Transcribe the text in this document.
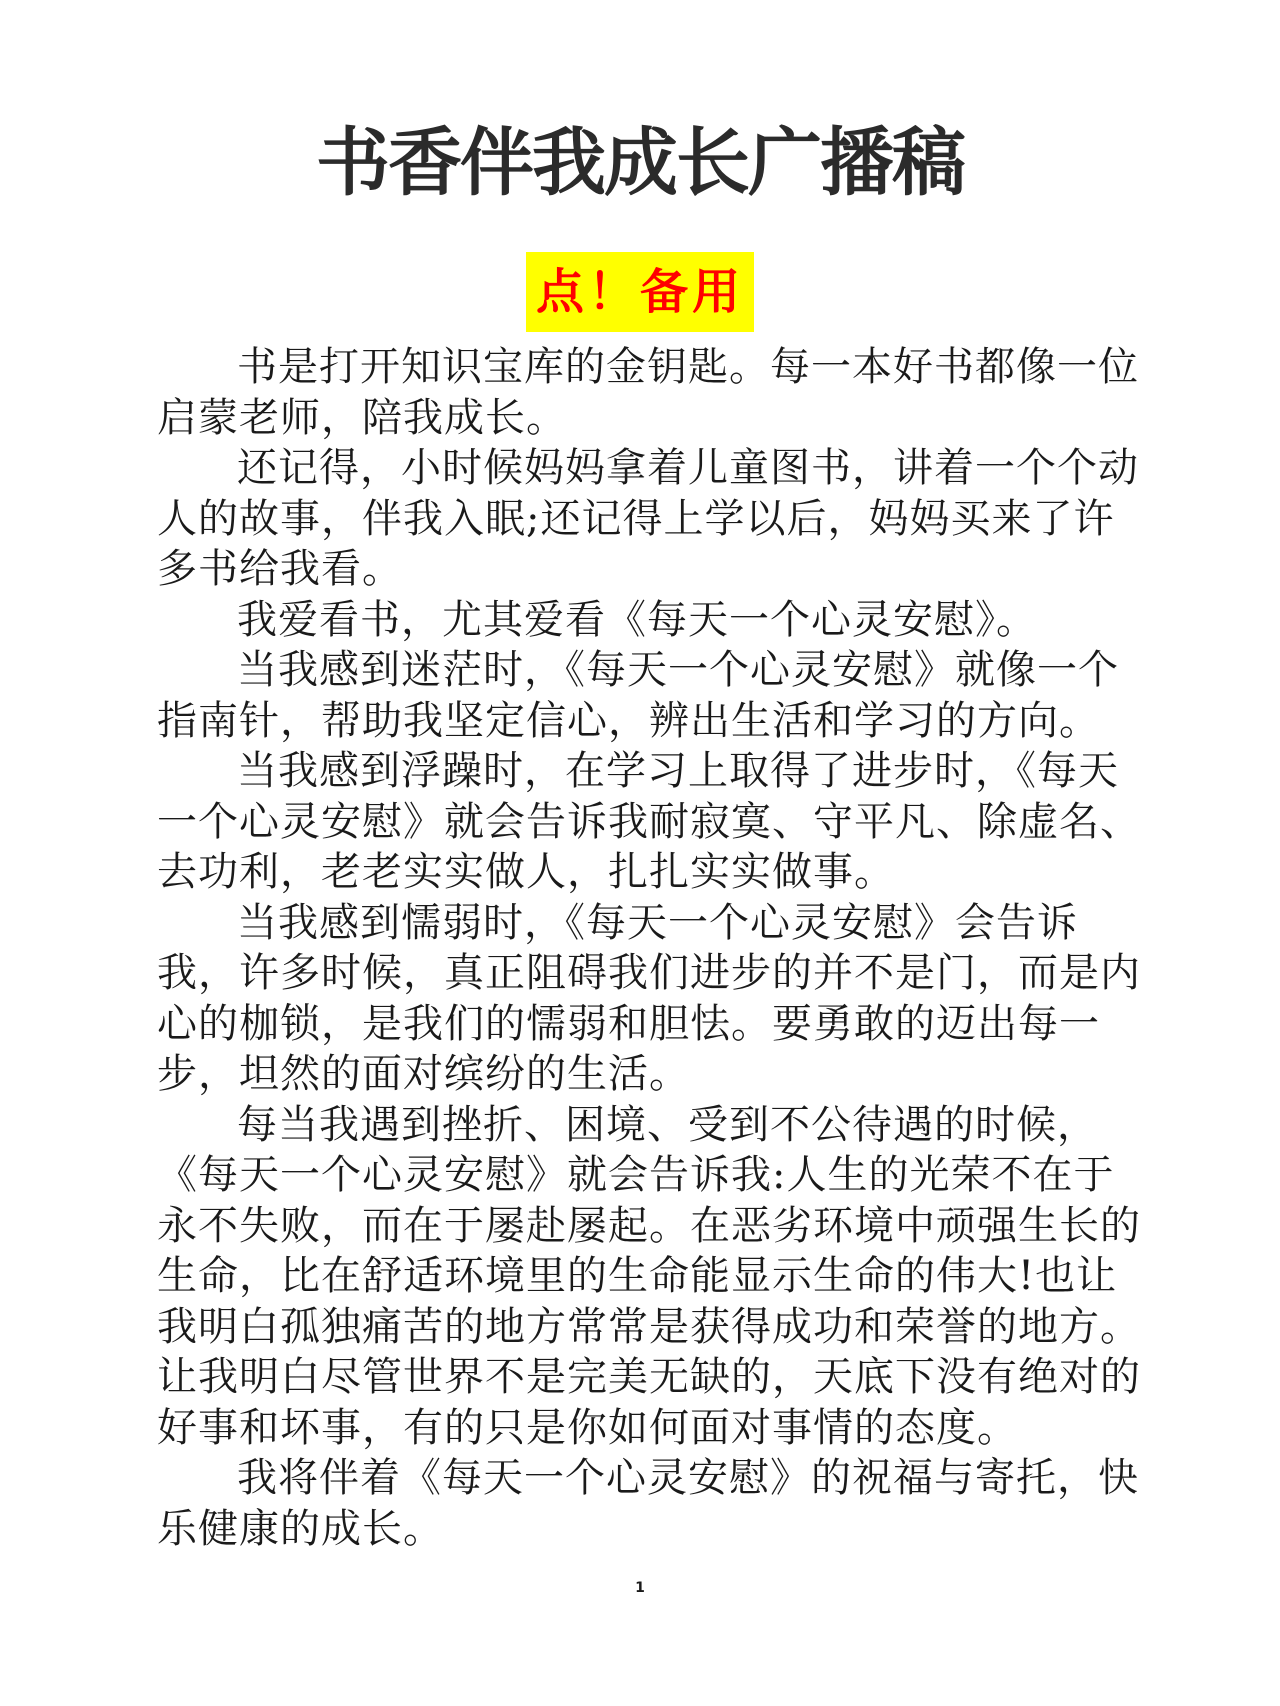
书香伴我成长广播稿
点！备用

书是打开知识宝库的金钥匙。每一本好书都像一位启蒙老师，陪我成长。

还记得，小时候妈妈拿着儿童图书，讲着一个个动人的故事，伴我入眠;还记得上学以后，妈妈买来了许多书给我看。

我爱看书，尤其爱看《每天一个心灵安慰》。

当我感到迷茫时，《每天一个心灵安慰》就像一个指南针，帮助我坚定信心，辨出生活和学习的方向。

当我感到浮躁时，在学习上取得了进步时，《每天一个心灵安慰》就会告诉我耐寂寞、守平凡、除虚名、去功利，老老实实做人，扎扎实实做事。

当我感到懦弱时，《每天一个心灵安慰》会告诉我，许多时候，真正阻碍我们进步的并不是门，而是内心的枷锁，是我们的懦弱和胆怯。要勇敢的迈出每一步，坦然的面对缤纷的生活。

每当我遇到挫折、困境、受到不公待遇的时候，《每天一个心灵安慰》就会告诉我:人生的光荣不在于永不失败，而在于屡赴屡起。在恶劣环境中顽强生长的生命，比在舒适环境里的生命能显示生命的伟大!也让我明白孤独痛苦的地方常常是获得成功和荣誉的地方。让我明白尽管世界不是完美无缺的，天底下没有绝对的好事和坏事，有的只是你如何面对事情的态度。

我将伴着《每天一个心灵安慰》的祝福与寄托，快乐健康的成长。

1
